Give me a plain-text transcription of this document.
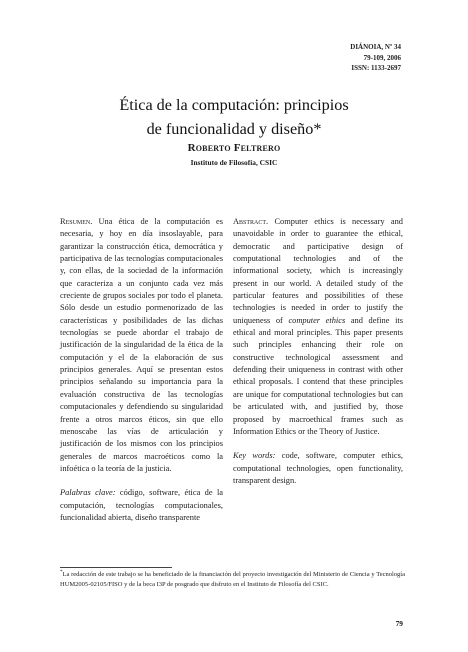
DIÁNOIA, Nº 34
79-109, 2006
ISSN: 1133-2697
Ética de la computación: principios
de funcionalidad y diseño*
Roberto Feltrero
Instituto de Filosofía, CSIC

Resumen. Una ética de la computación es necesaria, y hoy en día insoslayable, para garantizar la construcción ética, democrática y participativa de las tecnologías computacionales y, con ellas, de la sociedad de la información que caracteriza a un conjunto cada vez más creciente de grupos sociales por todo el planeta. Sólo desde un estudio pormenorizado de las características y posibilidades de las dichas tecnologías se puede abordar el trabajo de justificación de la singularidad de la ética de la computación y el de la elaboración de sus principios generales. Aquí se presentan estos principios señalando su importancia para la evaluación constructiva de las tecnologías computacionales y defendiendo su singularidad frente a otros marcos éticos, sin que ello menoscabe las vías de articulación y justificación de los mismos con los principios generales de marcos macroéticos como la infoética o la teoría de la justicia.

Palabras clave: código, software, ética de la computación, tecnologías computacionales, funcionalidad abierta, diseño transparente

Abstract. Computer ethics is necessary and unavoidable in order to guarantee the ethical, democratic and participative design of computational technologies and of the informational society, which is increasingly present in our world. A detailed study of the particular features and possibilities of these technologies is needed in order to justify the uniqueness of computer ethics and define its ethical and moral principles. This paper presents such principles enhancing their role on constructive technological assessment and defending their uniqueness in contrast with other ethical proposals. I contend that these principles are unique for computational technologies but can be articulated with, and justified by, those proposed by macroethical frames such as Information Ethics or the Theory of Justice.

Key words: code, software, computer ethics, computational technologies, open functionality, transparent design.

*La redacción de este trabajo se ha beneficiado de la financiación del proyecto investigación del Ministerio de Ciencia y Tecnología HUM2005-02105/FISO y de la beca I3P de posgrado que disfruto en el Instituto de Filosofía del CSIC.
79
